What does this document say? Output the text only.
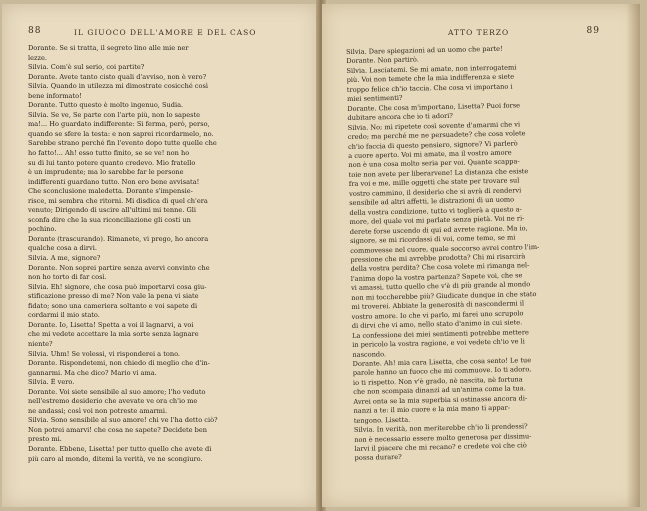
88	IL GIUOCO DELL'AMORE E DEL CASO

Dorante. Se si tratta, il segreto lino alle mie ner

lezze.

Silvia. Com'è sul serio, coi partite?

Dorante. Avete tanto cisto quali d'avviso, non è vero?

Silvia. Quando in utilezza mi dimostrate cosicché così

bene informato!

Dorante. Tutto questo è molto ingenuo, Sudia.

Silvia. Se ve, Se parte con l'arte più, non lo sapeste

ma!... Ho guardato indifferente: Si ferma, però, perso,

quando se sfere la testa: e non saprei ricordarmelo, no.

Sarebbe strano perché fin l'evento dopo tutte quelle che

ho fatto!... Ah! esso tutto finito, se se ve! non ho

su di lui tanto potere quanto credevo. Mio fratello

è un imprudente; ma lo sarebbe far le persone

indifferenti guardano tutto. Non ero bene avvisata!

Che sconclusione maledetta. Dorante s'impensie-

risce, mi sembra che ritorni. Mi disdica di quel ch'era

venuto; Dirigendo di uscire all'ultimi mi tenne. Gli

sconfa dire che la sua riconciliazione gli costi un

pochino.

Dorante (trascurando). Rimanete, vi prego, ho ancora

qualche cosa a dirvi.

Silvia. A me, signore?

Dorante. Non soprei partire senza avervi convinto che

non ho torto di far così.

Silvia. Eh! signore, che cosa può importarvi cosa giu-

stificazione presso di me? Non vale la pena vi siate

fidato; sono una cameriera soltanto e voi sapete di

cordarmi il mio stato.

Dorante. Io, Lisetta! Spetta a voi il lagnarvi, a voi

che mi vedete accettare la mia sorte senza lagnare

niente?

Silvia. Uhm! Se volessi, vi risponderei a tono.

Dorante. Rispondetemi, non chiedo di meglio che d'in-

gannarmi. Ma che dico? Mario vi ama.

Silvia. È vero.

Dorante. Voi siete sensibile al suo amore; l'ho veduto

nell'estremo desiderio che avevate ve ora ch'io me

ne andassi; così voi non potreste amarmi.

Silvia. Sono sensibile al suo amore! chi ve l'ha detto ciò?

Non potrei amarvi! che cosa ne sapete? Decidete ben

presto mi.

Dorante. Ebbene, Lisetta! per tutto quello che avete di

più caro al mondo, ditemi la verità, ve ne scongiuro.

ATTO TERZO	89

Silvia. Dare spiegazioni ad un uomo che parte!

Dorante. Non partirò.

Silvia. Lasciatemi. Se mi amate, non interrogatemi

più. Voi non temete che la mia indifferenza e siete

troppo felice ch'io taccia. Che cosa vi importano i

miei sentimenti?

Dorante. Che cosa m'importano, Lisetta? Puoi forse

dubitare ancora che io ti adori?

Silvia. No; mi ripetete così sovente d'amarmi che vi

credo; ma perché me ne persuadete? che cosa volete

ch'io faccia di questo pensiero, signore? Vi parlerò

a cuore aperto. Voi mi amate, ma il vostro amore

non è una cosa molto seria per voi. Quante scappa-

toie non avete per liberarvene! La distanza che esiste

fra voi e me, mille oggetti che state per trovare sul

vostro cammino, il desiderio che si avrà di rendervi

sensibile ad altri affetti, le distrazioni di un uomo

della vostra condizione, tutto vi toglierà a questo a-

more, del quale voi mi parlate senza pietà. Voi ne ri-

derete forse uscendo di qui ed avrete ragione. Ma io,

signore, se mi ricordassi di voi, come temo, se mi

commovesse nel cuore, quale soccorso avrei contro l'im-

pressione che mi avrebbe prodotta? Chi mi risarcirà

della vostra perdita? Che cosa volete mi rimanga nel-

l'anima dopo la vostra partenza? Sapete voi, che se

vi amassi, tutto quello che v'è di più grande al mondo

non mi toccherebbe più? Giudicate dunque in che stato

mi troverei. Abbiate la generosità di nascondermi il

vostro amore. Io che vi parlo, mi farei uno scrupolo

di dirvi che vi amo, nello stato d'animo in cui siete.

La confessione dei miei sentimenti potrebbe mettere

in pericolo la vostra ragione, e voi vedete ch'io ve li

nascondo.

Dorante. Ah! mia cara Lisetta, che cosa sento! Le tue

parole hanno un fuoco che mi commuove. Io ti adoro,

io ti rispetto. Non v'è grado, nè nascita, nè fortuna

che non scompaia dinanzi ad un'anima come la tua.

Avrei onta se la mia superbia si ostinasse ancora di-

nanzi a te: il mio cuore e la mia mano ti appar-

tengono. Lisetta.

Silvia. In verità, non meriterebbe ch'io li prendessi?

non è necessario essere molto generosa per dissimu-

larvi il piacere che mi recano? e credete voi che ciò

possa durare?
